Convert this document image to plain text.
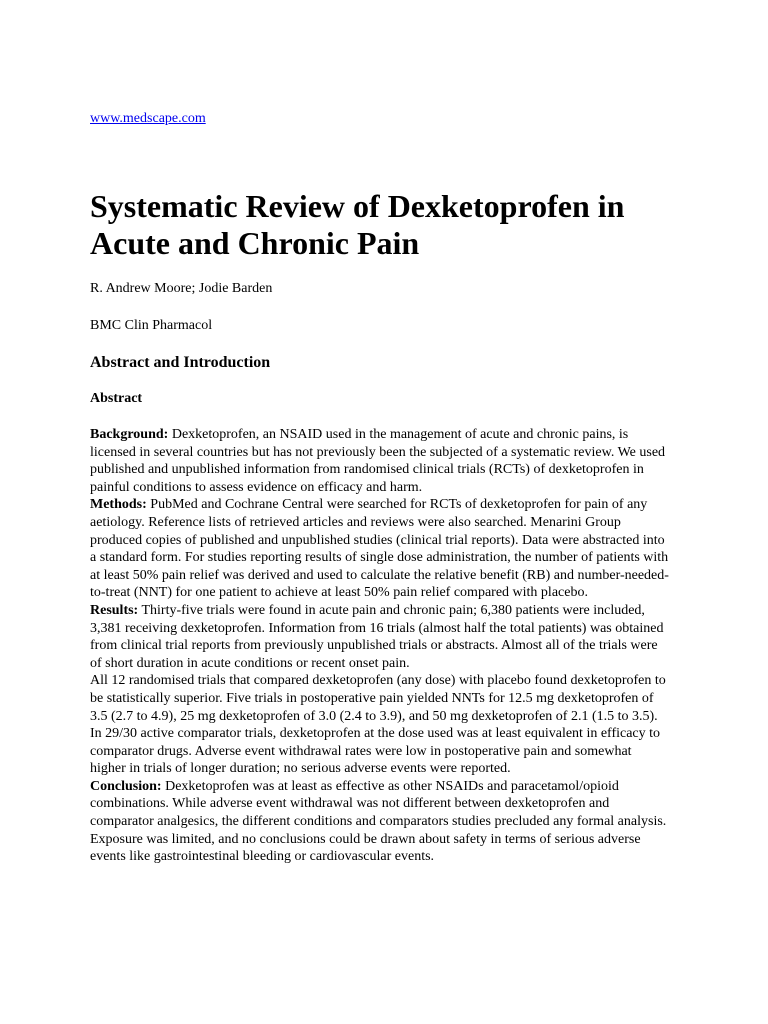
www.medscape.com
Systematic Review of Dexketoprofen in Acute and Chronic Pain
R. Andrew Moore; Jodie Barden
BMC Clin Pharmacol
Abstract and Introduction
Abstract

Background: Dexketoprofen, an NSAID used in the management of acute and chronic pains, is licensed in several countries but has not previously been the subjected of a systematic review. We used published and unpublished information from randomised clinical trials (RCTs) of dexketoprofen in painful conditions to assess evidence on efficacy and harm.

Methods: PubMed and Cochrane Central were searched for RCTs of dexketoprofen for pain of any aetiology. Reference lists of retrieved articles and reviews were also searched. Menarini Group produced copies of published and unpublished studies (clinical trial reports). Data were abstracted into a standard form. For studies reporting results of single dose administration, the number of patients with at least 50% pain relief was derived and used to calculate the relative benefit (RB) and number-needed-to-treat (NNT) for one patient to achieve at least 50% pain relief compared with placebo.

Results: Thirty-five trials were found in acute pain and chronic pain; 6,380 patients were included, 3,381 receiving dexketoprofen. Information from 16 trials (almost half the total patients) was obtained from clinical trial reports from previously unpublished trials or abstracts. Almost all of the trials were of short duration in acute conditions or recent onset pain.

All 12 randomised trials that compared dexketoprofen (any dose) with placebo found dexketoprofen to be statistically superior. Five trials in postoperative pain yielded NNTs for 12.5 mg dexketoprofen of 3.5 (2.7 to 4.9), 25 mg dexketoprofen of 3.0 (2.4 to 3.9), and 50 mg dexketoprofen of 2.1 (1.5 to 3.5). In 29/30 active comparator trials, dexketoprofen at the dose used was at least equivalent in efficacy to comparator drugs. Adverse event withdrawal rates were low in postoperative pain and somewhat higher in trials of longer duration; no serious adverse events were reported.

Conclusion: Dexketoprofen was at least as effective as other NSAIDs and paracetamol/opioid combinations. While adverse event withdrawal was not different between dexketoprofen and comparator analgesics, the different conditions and comparators studies precluded any formal analysis. Exposure was limited, and no conclusions could be drawn about safety in terms of serious adverse events like gastrointestinal bleeding or cardiovascular events.
